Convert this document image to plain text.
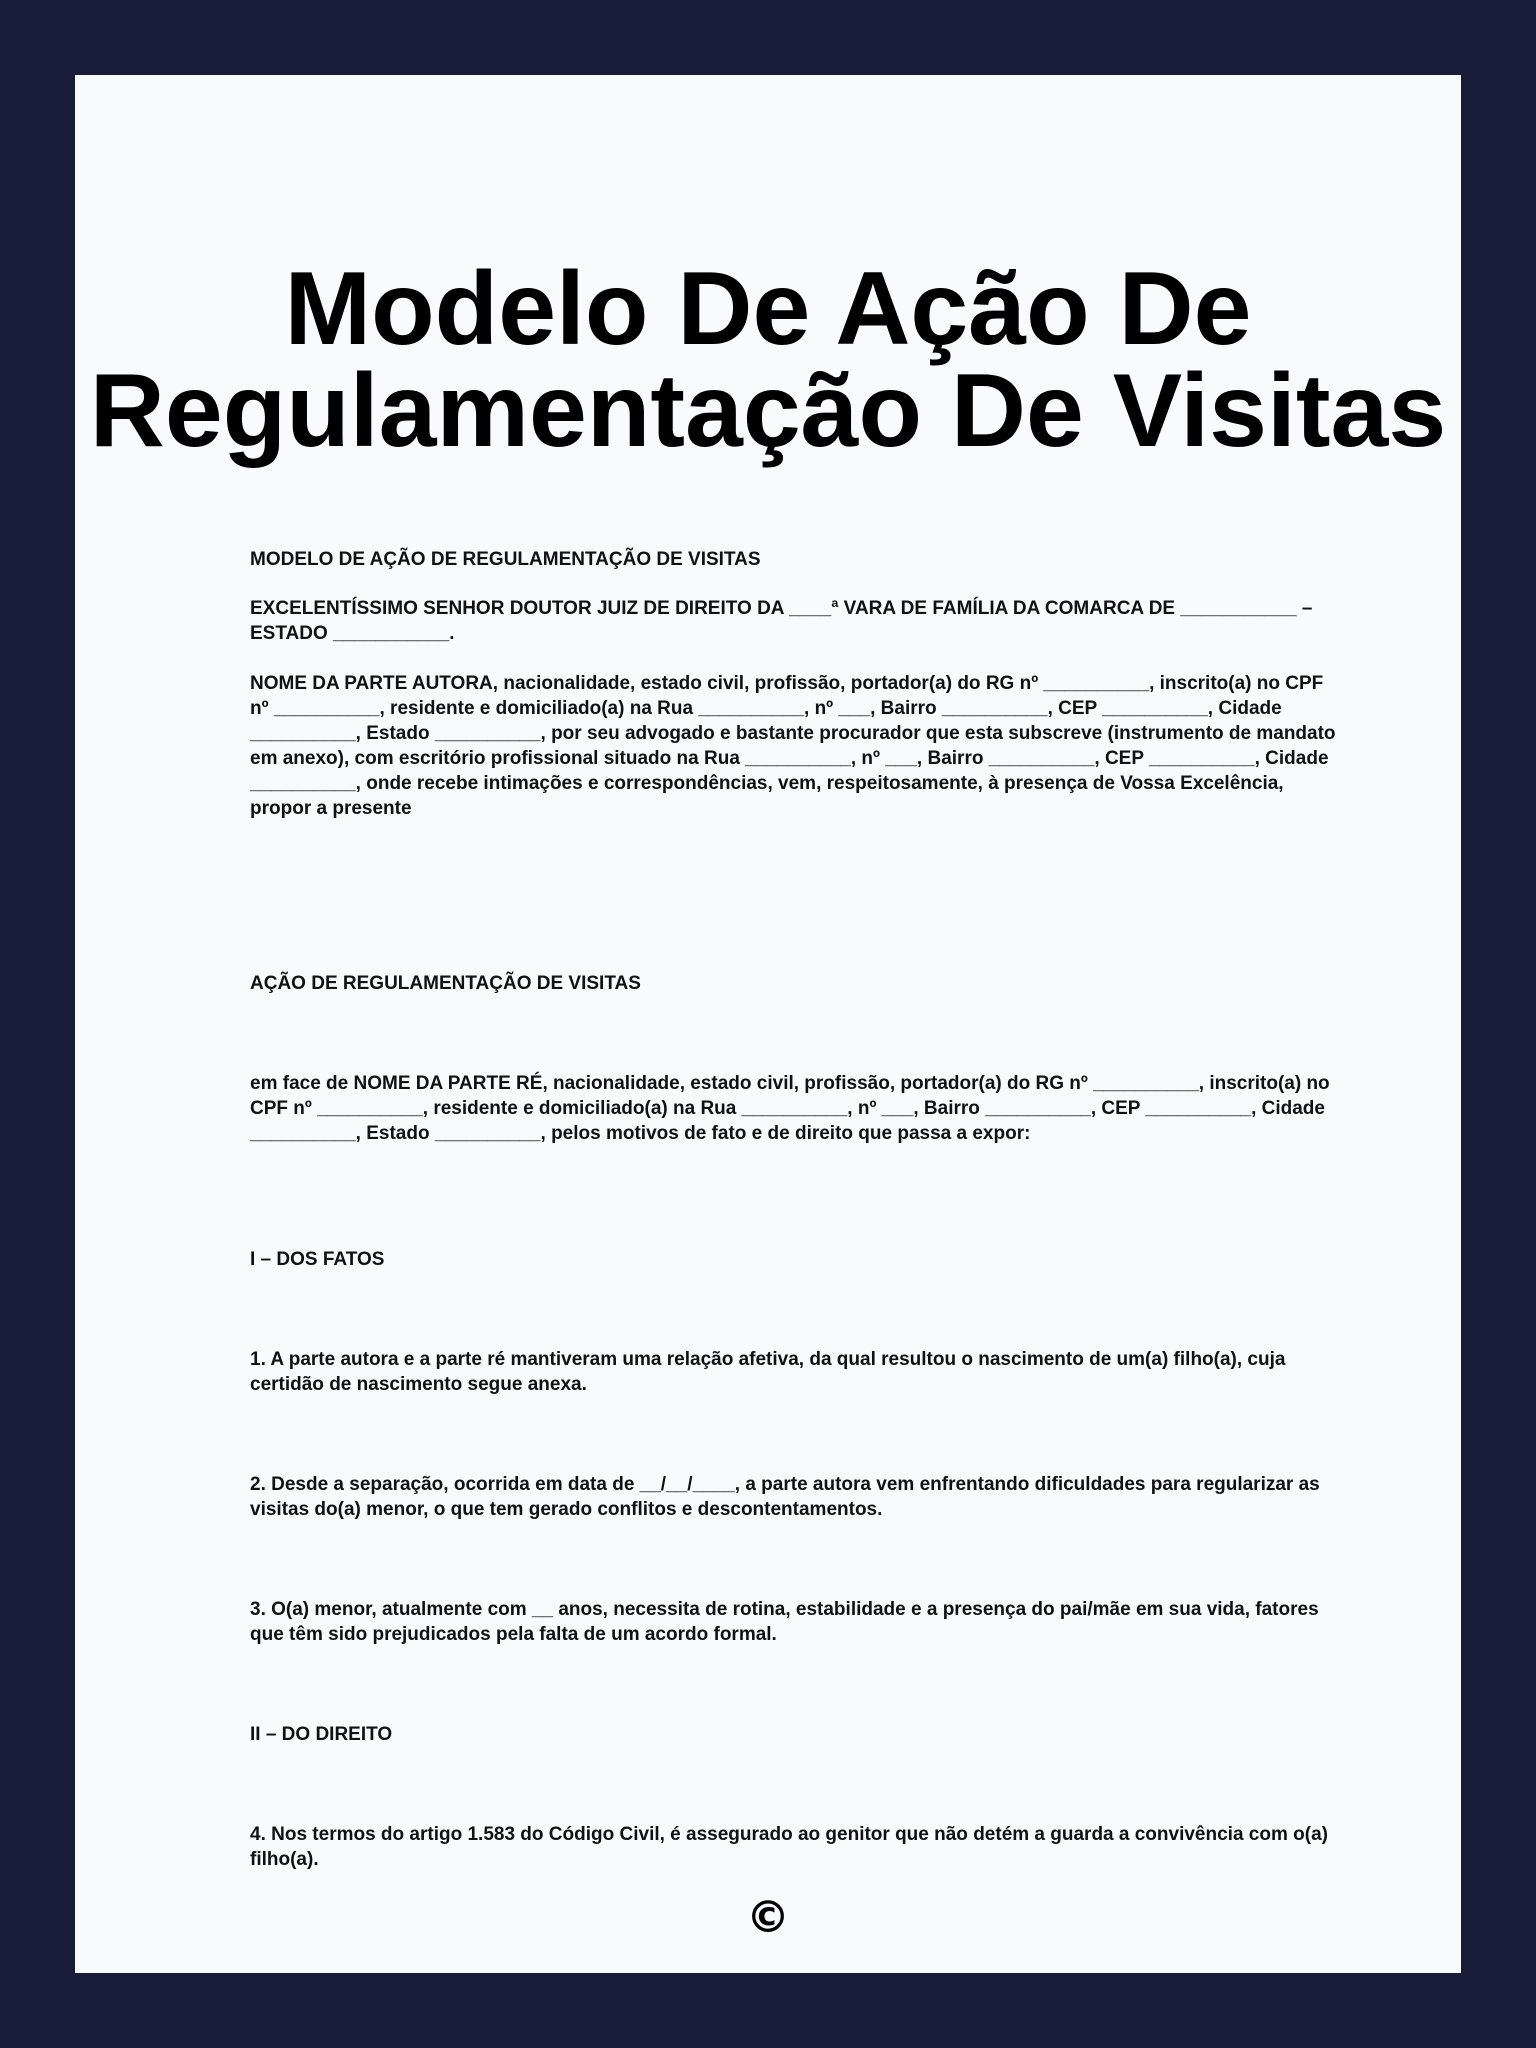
Modelo De Ação De Regulamentação De Visitas

MODELO DE AÇÃO DE REGULAMENTAÇÃO DE VISITAS

EXCELENTÍSSIMO SENHOR DOUTOR JUIZ DE DIREITO DA ____ª VARA DE FAMÍLIA DA COMARCA DE ___________ – ESTADO ___________.

NOME DA PARTE AUTORA, nacionalidade, estado civil, profissão, portador(a) do RG nº __________, inscrito(a) no CPF nº __________, residente e domiciliado(a) na Rua __________, nº ___, Bairro __________, CEP __________, Cidade __________, Estado __________, por seu advogado e bastante procurador que esta subscreve (instrumento de mandato em anexo), com escritório profissional situado na Rua __________, nº ___, Bairro __________, CEP __________, Cidade __________, onde recebe intimações e correspondências, vem, respeitosamente, à presença de Vossa Excelência, propor a presente

AÇÃO DE REGULAMENTAÇÃO DE VISITAS

em face de NOME DA PARTE RÉ, nacionalidade, estado civil, profissão, portador(a) do RG nº __________, inscrito(a) no CPF nº __________, residente e domiciliado(a) na Rua __________, nº ___, Bairro __________, CEP __________, Cidade __________, Estado __________, pelos motivos de fato e de direito que passa a expor:

I – DOS FATOS

1. A parte autora e a parte ré mantiveram uma relação afetiva, da qual resultou o nascimento de um(a) filho(a), cuja certidão de nascimento segue anexa.

2. Desde a separação, ocorrida em data de __/__/____, a parte autora vem enfrentando dificuldades para regularizar as visitas do(a) menor, o que tem gerado conflitos e descontentamentos.

3. O(a) menor, atualmente com __ anos, necessita de rotina, estabilidade e a presença do pai/mãe em sua vida, fatores que têm sido prejudicados pela falta de um acordo formal.

II – DO DIREITO

4. Nos termos do artigo 1.583 do Código Civil, é assegurado ao genitor que não detém a guarda a convivência com o(a) filho(a).

©
